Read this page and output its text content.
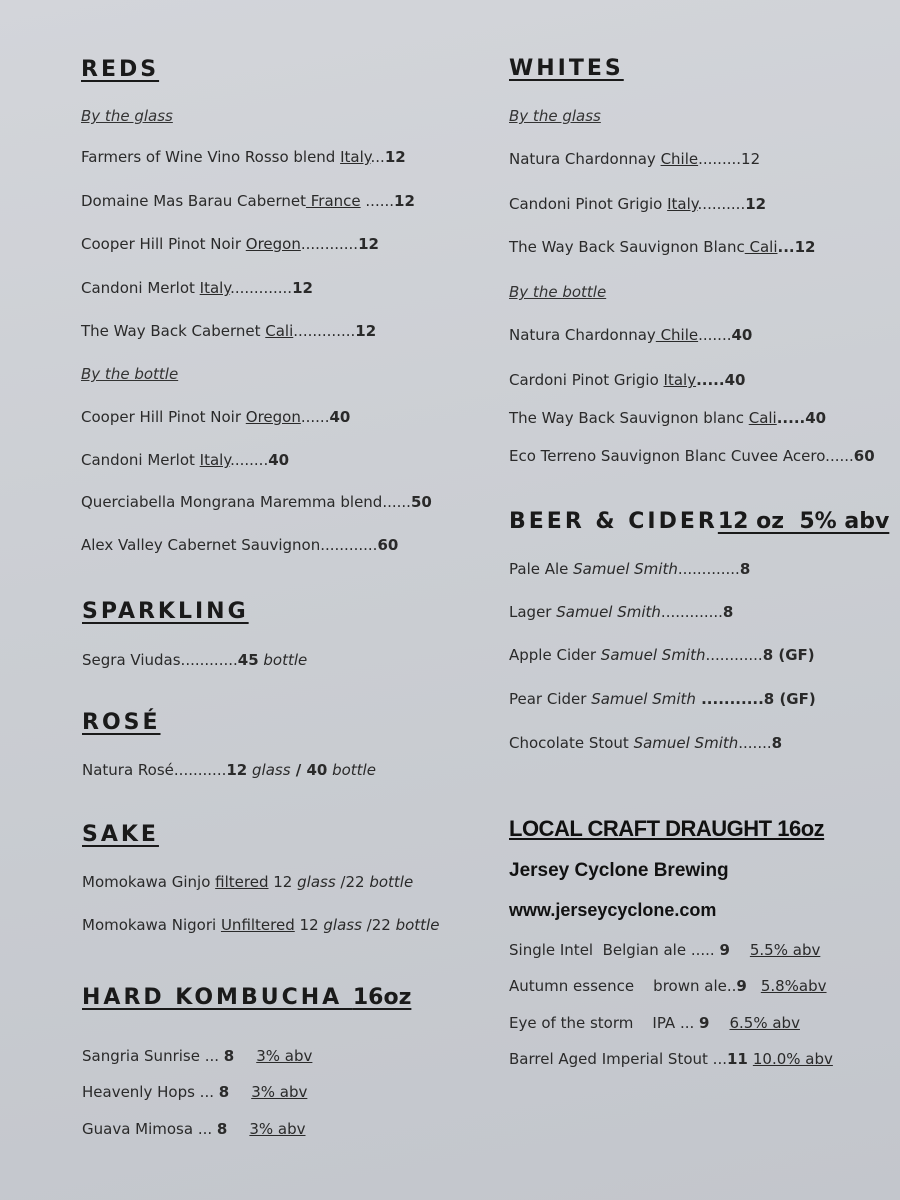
REDS
By the glass
Farmers of Wine Vino Rosso blend Italy...12
Domaine Mas Barau Cabernet France ......12
Cooper Hill Pinot Noir Oregon............12
Candoni Merlot Italy.............12
The Way Back Cabernet Cali.............12
By the bottle
Cooper Hill Pinot Noir Oregon......40
Candoni Merlot Italy........40
Querciabella Mongrana Maremma blend......50
Alex Valley Cabernet Sauvignon............60
SPARKLING
Segra Viudas............45 bottle
ROSÉ
Natura Rosé...........12 glass / 40 bottle
SAKE
Momokawa Ginjo filtered 12 glass /22 bottle
Momokawa Nigori Unfiltered 12 glass /22 bottle
HARD KOMBUCHA 16oz
Sangria Sunrise ... 8 3% abv
Heavenly Hops ... 8 3% abv
Guava Mimosa ... 8 3% abv
WHITES
By the glass
Natura Chardonnay Chile.........12
Candoni Pinot Grigio Italy..........12
The Way Back Sauvignon Blanc Cali...12
By the bottle
Natura Chardonnay Chile.......40
Cardoni Pinot Grigio Italy.....40
The Way Back Sauvignon blanc Cali.....40
Eco Terreno Sauvignon Blanc Cuvee Acero......60
BEER & CIDER12 oz  5% abv
Pale Ale Samuel Smith.............8
Lager Samuel Smith.............8
Apple Cider Samuel Smith............8 (GF)
Pear Cider Samuel Smith ...........8 (GF)
Chocolate Stout Samuel Smith.......8
LOCAL CRAFT DRAUGHT 16oz
Jersey Cyclone Brewing
www.jerseycyclone.com
Single Intel  Belgian ale ..... 9 5.5% abv
Autumn essence    brown ale..9 5.8%abv
Eye of the storm    IPA ... 9 6.5% abv
Barrel Aged Imperial Stout ...11 10.0% abv
